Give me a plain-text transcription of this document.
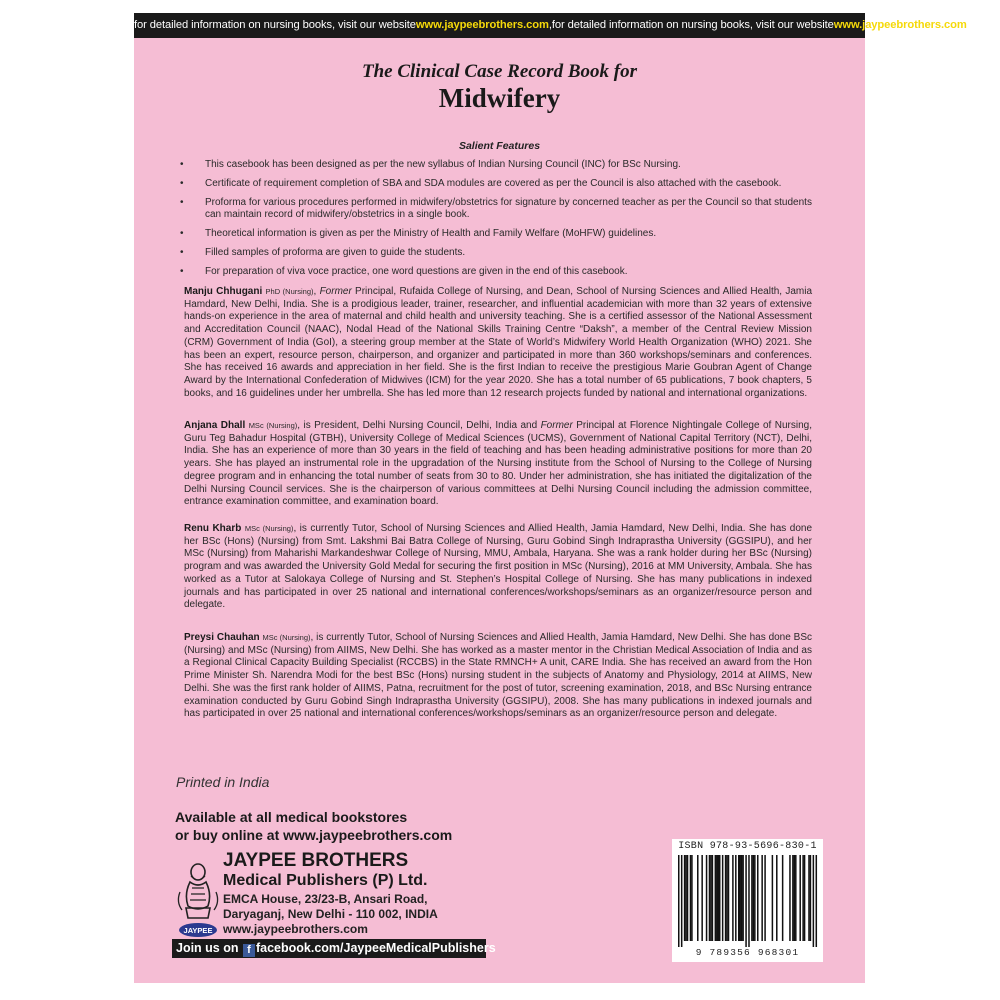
for detailed information on nursing books, visit our websitewww.jaypeebrothers.com,for detailed information on nursing books, visit our websitewww.jaypeebrothers.com
The Clinical Case Record Book for
Midwifery
Salient Features
• This casebook has been designed as per the new syllabus of Indian Nursing Council (INC) for BSc Nursing.
• Certificate of requirement completion of SBA and SDA modules are covered as per the Council is also attached with the casebook.
• Proforma for various procedures performed in midwifery/obstetrics for signature by concerned teacher as per the Council so that students can maintain record of midwifery/obstetrics in a single book.
• Theoretical information is given as per the Ministry of Health and Family Welfare (MoHFW) guidelines.
• Filled samples of proforma are given to guide the students.
• For preparation of viva voce practice, one word questions are given in the end of this casebook.

Manju Chhugani PhD (Nursing), Former Principal, Rufaida College of Nursing, and Dean, School of Nursing Sciences and Allied Health, Jamia Hamdard, New Delhi, India. She is a prodigious leader, trainer, researcher, and influential academician with more than 32 years of extensive hands-on experience in the area of maternal and child health and university teaching. She is a certified assessor of the National Assessment and Accreditation Council (NAAC), Nodal Head of the National Skills Training Centre “Daksh”, a member of the Central Review Mission (CRM) Government of India (GoI), a steering group member at the State of World’s Midwifery World Health Organization (WHO) 2021. She has been an expert, resource person, chairperson, and organizer and participated in more than 360 workshops/seminars and conferences. She has received 16 awards and appreciation in her field. She is the first Indian to receive the prestigious Marie Goubran Agent of Change Award by the International Confederation of Midwives (ICM) for the year 2020. She has a total number of 65 publications, 7 book chapters, 5 books, and 16 guidelines under her umbrella. She has led more than 12 research projects funded by national and international organizations.

Anjana Dhall MSc (Nursing), is President, Delhi Nursing Council, Delhi, India and Former Principal at Florence Nightingale College of Nursing, Guru Teg Bahadur Hospital (GTBH), University College of Medical Sciences (UCMS), Government of National Capital Territory (NCT), Delhi, India. She has an experience of more than 30 years in the field of teaching and has been heading administrative positions for more than 20 years. She has played an instrumental role in the upgradation of the Nursing institute from the School of Nursing to the College of Nursing degree program and in enhancing the total number of seats from 30 to 80. Under her administration, she has initiated the digitalization of the Delhi Nursing Council services. She is the chairperson of various committees at Delhi Nursing Council including the admission committee, entrance examination committee, and examination board.

Renu Kharb MSc (Nursing), is currently Tutor, School of Nursing Sciences and Allied Health, Jamia Hamdard, New Delhi, India. She has done her BSc (Hons) (Nursing) from Smt. Lakshmi Bai Batra College of Nursing, Guru Gobind Singh Indraprastha University (GGSIPU), and her MSc (Nursing) from Maharishi Markandeshwar College of Nursing, MMU, Ambala, Haryana. She was a rank holder during her BSc (Nursing) program and was awarded the University Gold Medal for securing the first position in MSc (Nursing), 2016 at MM University, Ambala. She has worked as a Tutor at Salokaya College of Nursing and St. Stephen’s Hospital College of Nursing. She has many publications in indexed journals and has participated in over 25 national and international conferences/workshops/seminars as an organizer/resource person and delegate.

Preysi Chauhan MSc (Nursing), is currently Tutor, School of Nursing Sciences and Allied Health, Jamia Hamdard, New Delhi. She has done BSc (Nursing) and MSc (Nursing) from AIIMS, New Delhi. She has worked as a master mentor in the Christian Medical Association of India and as a Regional Clinical Capacity Building Specialist (RCCBS) in the State RMNCH+ A unit, CARE India. She has received an award from the Hon Prime Minister Sh. Narendra Modi for the best BSc (Hons) nursing student in the subjects of Anatomy and Physiology, 2014 at AIIMS, New Delhi. She was the first rank holder of AIIMS, Patna, recruitment for the post of tutor, screening examination, 2018, and BSc Nursing entrance examination conducted by Guru Gobind Singh Indraprastha University (GGSIPU), 2008. She has many publications in indexed journals and has participated in over 25 national and international conferences/workshops/seminars as an organizer/resource person and delegate.

Printed in India
Available at all medical bookstores
or buy online at www.jaypeebrothers.com
JAYPEE
JAYPEE BROTHERS
Medical Publishers (P) Ltd.
EMCA House, 23/23-B, Ansari Road,
Daryaganj, New Delhi - 110 002, INDIA
www.jaypeebrothers.com
Join us on f facebook.com/JaypeeMedicalPublishers
ISBN 978-93-5696-830-1
9 789356 968301
